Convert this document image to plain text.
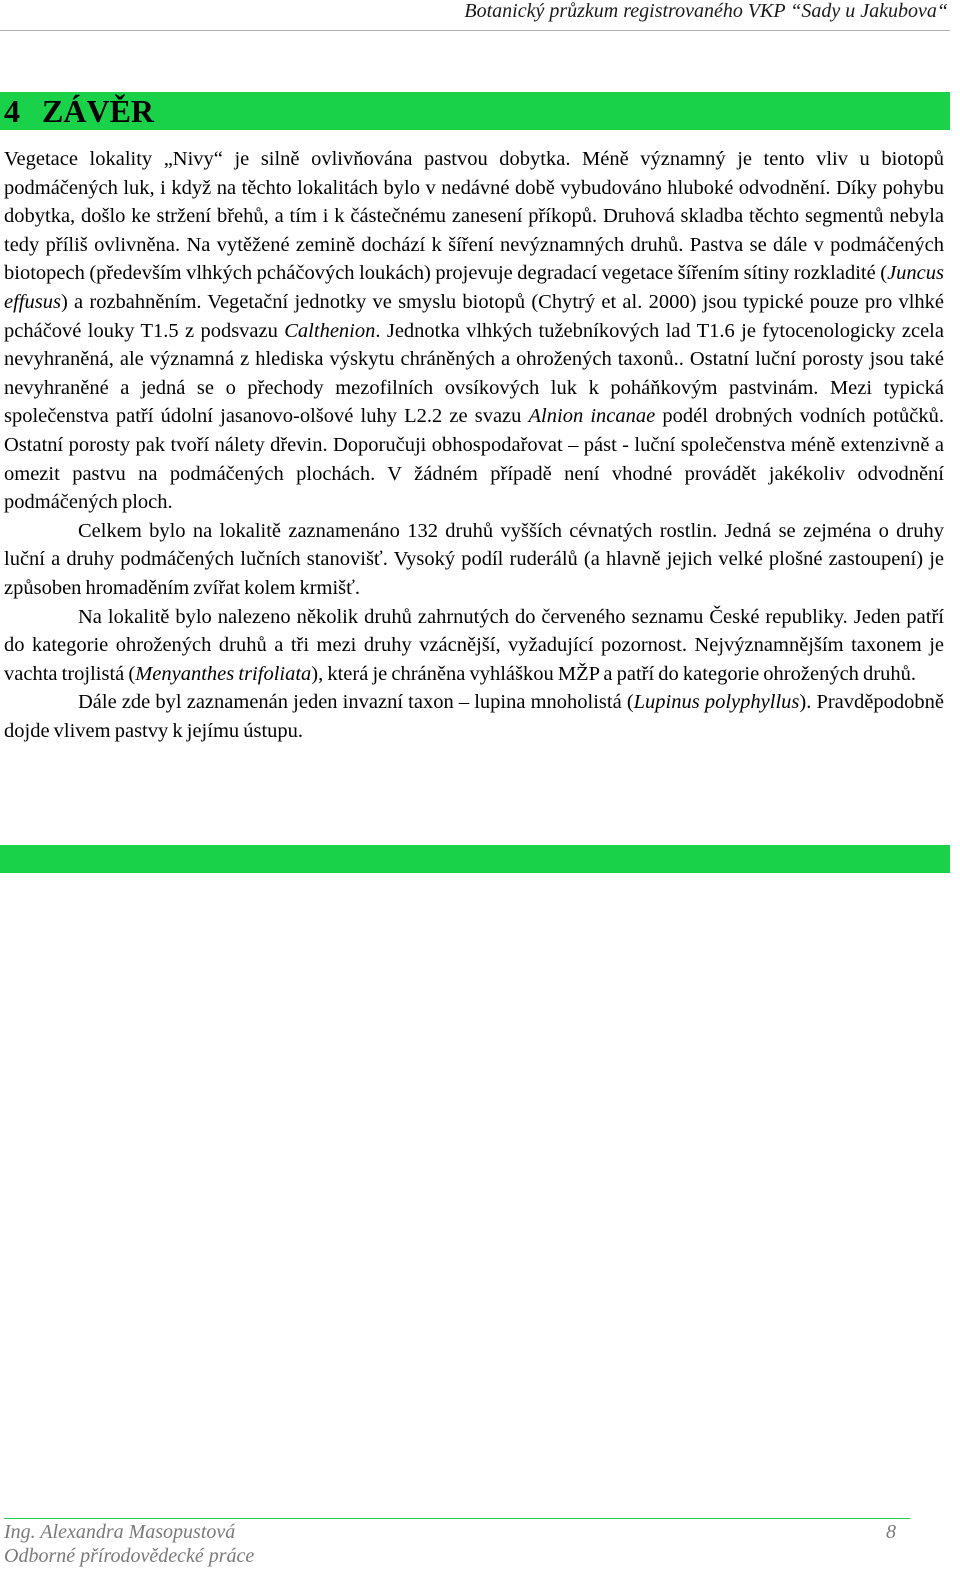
Botanický průzkum registrovaného VKP “Sady u Jakubova“
4 ZÁVĚR

Vegetace lokality „Nivy“ je silně ovlivňována pastvou dobytka. Méně významný je tento vliv u biotopů podmáčených luk, i když na těchto lokalitách bylo v nedávné době vybudováno hluboké odvodnění. Díky pohybu dobytka, došlo ke stržení břehů, a tím i k částečnému zanesení příkopů. Druhová skladba těchto segmentů nebyla tedy příliš ovlivněna. Na vytěžené zemině dochází k šíření nevýznamných druhů. Pastva se dále v podmáčených biotopech (především vlhkých pcháčových loukách) projevuje degradací vegetace šířením sítiny rozkladité (Juncus effusus) a rozbahněním. Vegetační jednotky ve smyslu biotopů (Chytrý et al. 2000) jsou typické pouze pro vlhké pcháčové louky T1.5 z podsvazu Calthenion. Jednotka vlhkých tužebníkových lad T1.6 je fytocenologicky zcela nevyhraněná, ale významná z hlediska výskytu chráněných a ohrožených taxonů.. Ostatní luční porosty jsou také nevyhraněné a jedná se o přechody mezofilních ovsíkových luk k poháňkovým pastvinám. Mezi typická společenstva patří údolní jasanovo-olšové luhy L2.2 ze svazu Alnion incanae podél drobných vodních potůčků. Ostatní porosty pak tvoří nálety dřevin. Doporučuji obhospodařovat – pást - luční společenstva méně extenzivně a omezit pastvu na podmáčených plochách. V žádném případě není vhodné provádět jakékoliv odvodnění podmáčených ploch.

Celkem bylo na lokalitě zaznamenáno 132 druhů vyšších cévnatých rostlin. Jedná se zejména o druhy luční a druhy podmáčených lučních stanovišť. Vysoký podíl ruderálů (a hlavně jejich velké plošné zastoupení) je způsoben hromaděním zvířat kolem krmišť.

Na lokalitě bylo nalezeno několik druhů zahrnutých do červeného seznamu České republiky. Jeden patří do kategorie ohrožených druhů a tři mezi druhy vzácnější, vyžadující pozornost. Nejvýznamnějším taxonem je vachta trojlistá (Menyanthes trifoliata), která je chráněna vyhláškou MŽP a patří do kategorie ohrožených druhů.

Dále zde byl zaznamenán jeden invazní taxon – lupina mnoholistá (Lupinus polyphyllus). Pravděpodobně dojde vlivem pastvy k jejímu ústupu.

Ing. Alexandra Masopustová	8
Odborné přírodovědecké práce
